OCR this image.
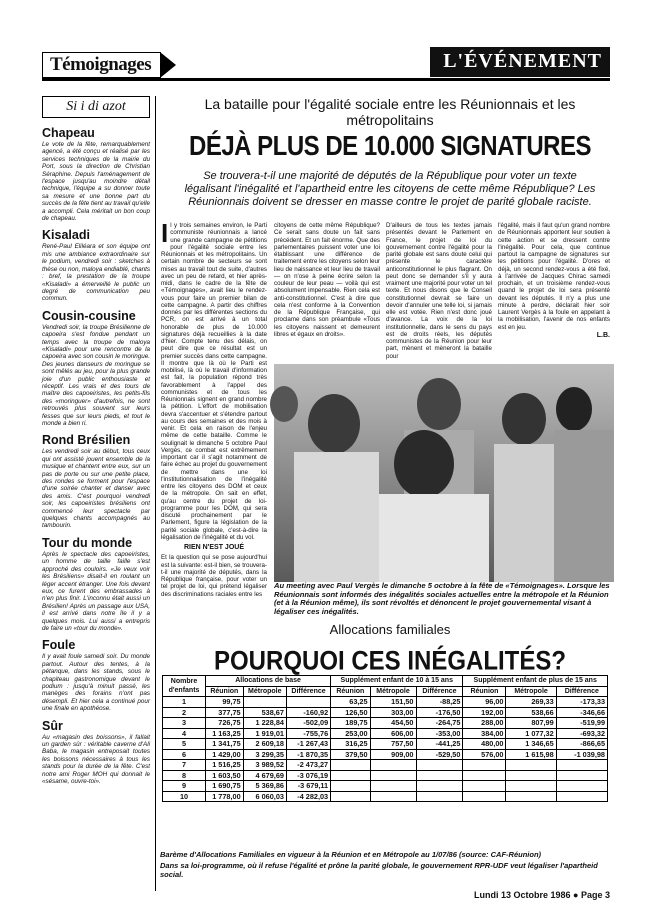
Témoignages	L'ÉVÉNEMENT
Si i di azot
Chapeau

Le vote de la fête, remarquablement agencé, a été conçu et réalisé par les services techniques de la mairie du Port, sous la direction de Christian Séraphine. Depuis l'aménagement de l'espace jusqu'au moindre détail technique, l'équipe a su donner toute sa mesure et une bonne part du succès de la fête tient au travail qu'elle a accompli. Cela méritait un bon coup de chapeau.

Kisaladi

René-Paul Eliléara et son équipe ont mis une ambiance extraordinaire sur le podium, vendredi soir : sketches à thèse ou non, maloya endiablé, chants : bref, la prestation de la troupe «Kisaladi» a émerveillé le public un degré de communication peu commun.

Cousin-cousine

Vendredi soir, la troupe Brésilienne de capoeira s'est fondue pendant un temps avec la troupe de maloya «Kisaladi» pour une rencontre de la capoeira avec son cousin le moringue. Des jeunes danseurs de moringue se sont mêlés au jeu, pour la plus grande joie d'un public enthousiaste et réceptif. Les vrais et des tours de maître des capoeiristes, les petits-fils des «moringuer» d'autrefois, ne sont retrouvés plus souvent sur leurs fesses que sur leurs pieds, et tout le monde a bien ri.

Rond Brésilien

Les vendredi soir au début, tous ceux qui ont assisté jouent ensemble de la musique et chantent entre eux, sur un pas de porte ou sur une petite place, des rondes se forment pour l'espace d'une soirée chanter et danser avec des amis. C'est pourquoi vendredi soir, les capoeiristes brésiliens ont commencé leur spectacle par quelques chants accompagnés au tambourin.

Tour du monde

Après le spectacle des capoeiristes, un homme de taille faille s'est approché des couloirs. «Je veux voir les Brésiliens» disait-il en roulant un léger accent étranger. Une fois devant eux, ce furent des embrassades à n'en plus finir. L'inconnu était aussi un Brésilien! Après un passage aux USA, il est arrivé dans notre île il y a quelques mois. Lui aussi a entrepris de faire un «tour du monde».

Foule

Il y avait foule samedi soir. Du monde partout. Autour des tentes, à la pétanque, dans les stands, sous le chapiteau gastronomique devant le podium : jusqu'à minuit passé, les manèges des forains n'ont pas désempli. Et hier cela a continué pour une finale en apothéose.

Sûr

Au «magasin des boissons», il fallait un garden sûr : véritable caverne d'Ali Baba, le magasin entreposait toutes les boissons nécessaires à tous les stands pour la durée de la fête. C'est notre ami Roger MOH qui donnait le «sésame, ouvre-toi».

La bataille pour l'égalité sociale entre les Réunionnais et les métropolitains
DÉJÀ PLUS DE 10.000 SIGNATURES
Se trouvera-t-il une majorité de députés de la République pour voter un texte légalisant l'inégalité et l'apartheid entre les citoyens de cette même République? Les Réunionnais doivent se dresser en masse contre le projet de parité globale raciste.
I l y trois semaines environ, le Parti communiste réunionnais a lancé une grande campagne de pétitions pour l'égalité sociale entre les Réunionnais et les métropolitains. Un certain nombre de secteurs se sont mises au travail tout de suite, d'autres avec un peu de retard, et hier après-midi, dans le cadre de la fête de «Témoignages», avait lieu le rendez-vous pour faire un premier bilan de cette campagne. A partir des chiffres donnés par les différentes sections du PCR, on est arrivé à un total honorable de plus de 10.000 signatures déjà recueillies à la date d'hier. Compte tenu des délais, on peut dire que ce résultat est un premier succès dans cette campagne. Il montre que là où le Parti est mobilisé, là où le travail d'information est fait, la population répond très favorablement à l'appel des communistes et de tous les Réunionnais signent en grand nombre la pétition. L'effort de mobilisation devra s'accentuer et s'étendre partout au cours des semaines et des mois à venir. Et cela en raison de l'enjeu même de cette bataille. Comme le soulignait le dimanche 5 octobre Paul Vergès, ce combat est extrêmement important car il s'agit notamment de faire échec au projet du gouvernement de mettre dans une loi l'institutionnalisation de l'inégalité entre les citoyens des DOM et ceux de la métropole. On sait en effet, qu'au centre du projet de loi-programme pour les DOM, qui sera discuté prochainement par le Parlement, figure la législation de la parité sociale globale, c'est-à-dire la légalisation de l'inégalité et du vol.

RIEN N'EST JOUÉ

Et la question qui se pose aujourd'hui est la suivante: est-il bien, se trouvera-t-il une majorité de députés, dans la République française, pour voter un tel projet de loi, qui prétend légaliser des discriminations raciales entre les

citoyens de cette même République? Ce serait sans doute un fait sans précédent. Et un fait énorme. Que des parlementaires puissent voter une loi établissant une différence de traitement entre les citoyens selon leur lieu de naissance et leur lieu de travail — on n'ose à peine écrire selon la couleur de leur peau — voilà qui est absolument impensable. Rien cela est anti-constitutionnel. C'est à dire que cela n'est conforme à la Convention de la République Française, qui proclame dans son préambule «Tous les citoyens naissent et demeurent libres et égaux en droits».

D'ailleurs de tous les textes jamais présentés devant le Parlement en France, le projet de loi du gouvernement contre l'égalité pour la parité globale est sans doute celui qui présente le caractère anticonstitutionnel le plus flagrant. On peut donc se demander s'il y aura vraiment une majorité pour voter un tel texte. Et nous disons que le Conseil constitutionnel devrait se faire un devoir d'annuler une telle loi, si jamais elle est votée. Rien n'est donc joué d'avance. La voix de la loi institutionnelle, dans le sens du pays est de droits réels, les députés communistes de la Réunion pour leur part, mènent et mèneront la bataille pour

l'égalité, mais il faut qu'un grand nombre de Réunionnais apportent leur soutien à cette action et se dressent contre l'inégalité. Pour cela, que continue partout la campagne de signatures sur les pétitions pour l'égalité. D'ores et déjà, un second rendez-vous a été fixé, à l'arrivée de Jacques Chirac samedi prochain, et un troisième rendez-vous quand le projet de loi sera présenté devant les députés. Il n'y a plus une minute à perdre, déclarait hier soir Laurent Vergès à la foule en appelant à la mobilisation, l'avenir de nos enfants est en jeu.

L.B.
Au meeting avec Paul Vergès le dimanche 5 octobre à la fête de «Témoignages». Lorsque les Réunionnais sont informés des inégalités sociales actuelles entre la métropole et la Réunion (et à la Réunion même), ils sont révoltés et dénoncent le projet gouvernemental visant à légaliser ces inégalités.
Allocations familiales
POURQUOI CES INÉGALITÉS?
Nombre d'enfants	Allocations de base			Supplément enfant de 10 à 15 ans			Supplément enfant de plus de 15 ans		
	Réunion	Métropole	Différence	Réunion	Métropole	Différence	Réunion	Métropole	Différence
1	99,75			63,25	151,50	-88,25	96,00	269,33	-173,33
2	377,75	538,67	-160,92	126,50	303,00	-176,50	192,00	538,66	-346,66
3	726,75	1 228,84	-502,09	189,75	454,50	-264,75	288,00	807,99	-519,99
4	1 163,25	1 919,01	-755,76	253,00	606,00	-353,00	384,00	1 077,32	-693,32
5	1 341,75	2 609,18	-1 267,43	316,25	757,50	-441,25	480,00	1 346,65	-866,65
6	1 429,00	3 299,35	-1 870,35	379,50	909,00	-529,50	576,00	1 615,98	-1 039,98
7	1 516,25	3 989,52	-2 473,27						
8	1 603,50	4 679,69	-3 076,19						
9	1 690,75	5 369,86	-3 679,11						
10	1 778,00	6 060,03	-4 282,03						
Barème d'Allocations Familiales en vigueur à la Réunion et en Métropole au 1/07/86 (source: CAF-Réunion)
Dans sa loi-programme, où il refuse l'égalité et prône la parité globale, le gouvernement RPR-UDF veut légaliser l'apartheid social.
Lundi 13 Octobre 1986 ● Page 3
